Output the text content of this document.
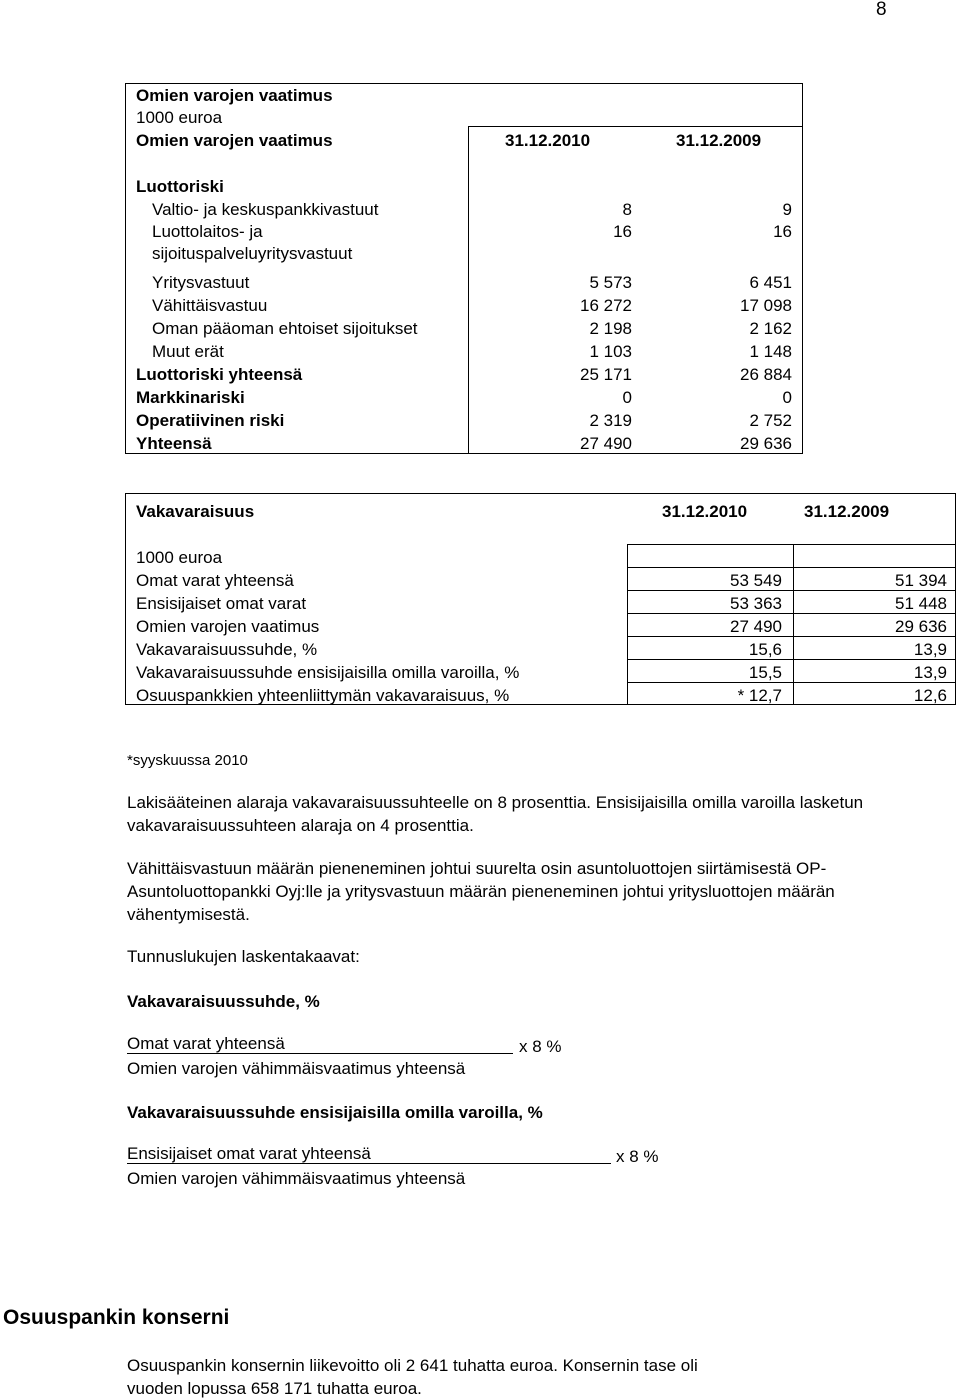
8
Omien varojen vaatimus
1000 euroa
Omien varojen vaatimus	31.12.2010	31.12.2009
Luottoriski
Valtio- ja keskuspankkivastuut	8	9
Luottolaitos- ja
sijoituspalveluyritysvastuut
16	16
Yritysvastuut	5 573	6 451
Vähittäisvastuu	16 272	17 098
Oman pääoman ehtoiset sijoitukset	2 198	2 162
Muut erät	1 103	1 148
Luottoriski yhteensä	25 171	26 884
Markkinariski	0	0
Operatiivinen riski	2 319	2 752
Yhteensä	27 490	29 636
Vakavaraisuus	31.12.2010	31.12.2009
1000 euroa
Omat varat yhteensä	53 549	51 394
Ensisijaiset omat varat	53 363	51 448
Omien varojen vaatimus	27 490	29 636
Vakavaraisuussuhde, %	15,6	13,9
Vakavaraisuussuhde ensisijaisilla omilla varoilla, %	15,5	13,9
Osuuspankkien yhteenliittymän vakavaraisuus, %	* 12,7	12,6
*syyskuussa 2010
Lakisääteinen alaraja vakavaraisuussuhteelle on 8 prosenttia. Ensisijaisilla omilla varoilla lasketun
vakavaraisuussuhteen alaraja on 4 prosenttia.
Vähittäisvastuun määrän pieneneminen johtui suurelta osin asuntoluottojen siirtämisestä OP-
Asuntoluottopankki Oyj:lle ja yritysvastuun määrän pieneneminen johtui yritysluottojen määrän
vähentymisestä.
Tunnuslukujen laskentakaavat:
Vakavaraisuussuhde, %
Omat varat yhteensä	x 8 %
Omien varojen vähimmäisvaatimus yhteensä
Vakavaraisuussuhde ensisijaisilla omilla varoilla, %
Ensisijaiset omat varat yhteensä	x 8 %
Omien varojen vähimmäisvaatimus yhteensä
Osuuspankin konserni
Osuuspankin konsernin liikevoitto oli 2 641 tuhatta euroa. Konsernin tase oli
vuoden lopussa 658 171 tuhatta euroa.
